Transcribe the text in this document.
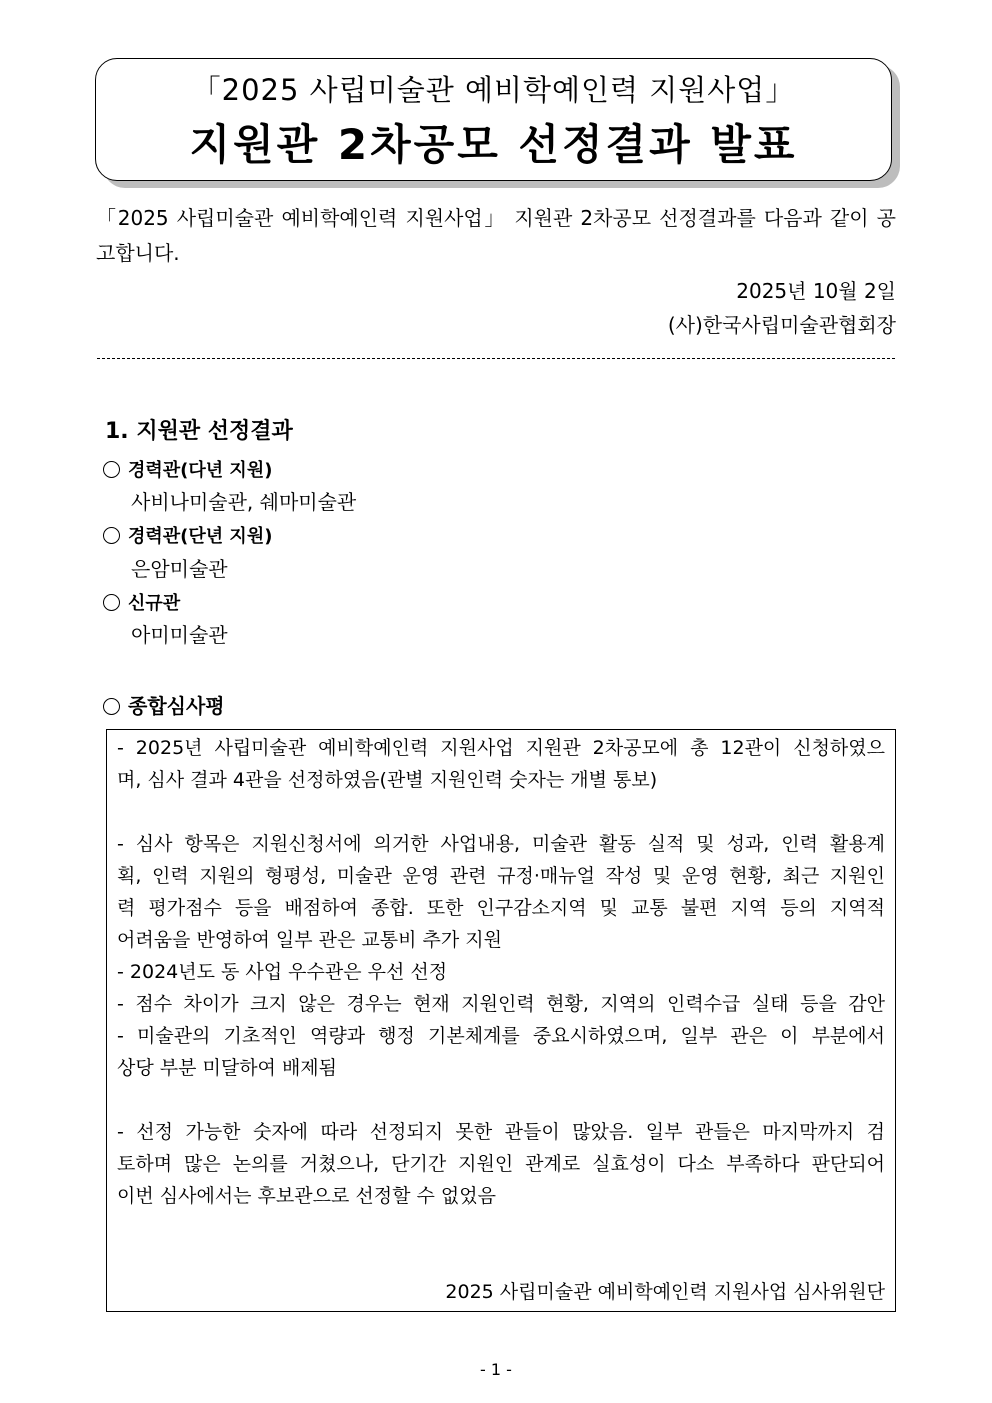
「2025 사립미술관 예비학예인력 지원사업」
지원관 2차공모 선정결과 발표
「2025 사립미술관 예비학예인력 지원사업」 지원관 2차공모 선정결과를 다음과 같이 공
고합니다.
2025년 10월 2일
(사)한국사립미술관협회장
1. 지원관 선정결과
경력관(다년 지원)
사비나미술관, 쉐마미술관
경력관(단년 지원)
은암미술관
신규관
아미미술관
종합심사평
- 2025년 사립미술관 예비학예인력 지원사업 지원관 2차공모에 총 12관이 신청하였으
며, 심사 결과 4관을 선정하였음(관별 지원인력 숫자는 개별 통보)
- 심사 항목은 지원신청서에 의거한 사업내용, 미술관 활동 실적 및 성과, 인력 활용계
획, 인력 지원의 형평성, 미술관 운영 관련 규정·매뉴얼 작성 및 운영 현황, 최근 지원인
력 평가점수 등을 배점하여 종합. 또한 인구감소지역 및 교통 불편 지역 등의 지역적
어려움을 반영하여 일부 관은 교통비 추가 지원
- 2024년도 동 사업 우수관은 우선 선정
- 점수 차이가 크지 않은 경우는 현재 지원인력 현황, 지역의 인력수급 실태 등을 감안
- 미술관의 기초적인 역량과 행정 기본체계를 중요시하였으며, 일부 관은 이 부분에서
상당 부분 미달하여 배제됨
- 선정 가능한 숫자에 따라 선정되지 못한 관들이 많았음. 일부 관들은 마지막까지 검
토하며 많은 논의를 거쳤으나, 단기간 지원인 관계로 실효성이 다소 부족하다 판단되어
이번 심사에서는 후보관으로 선정할 수 없었음
2025 사립미술관 예비학예인력 지원사업 심사위원단
- 1 -
